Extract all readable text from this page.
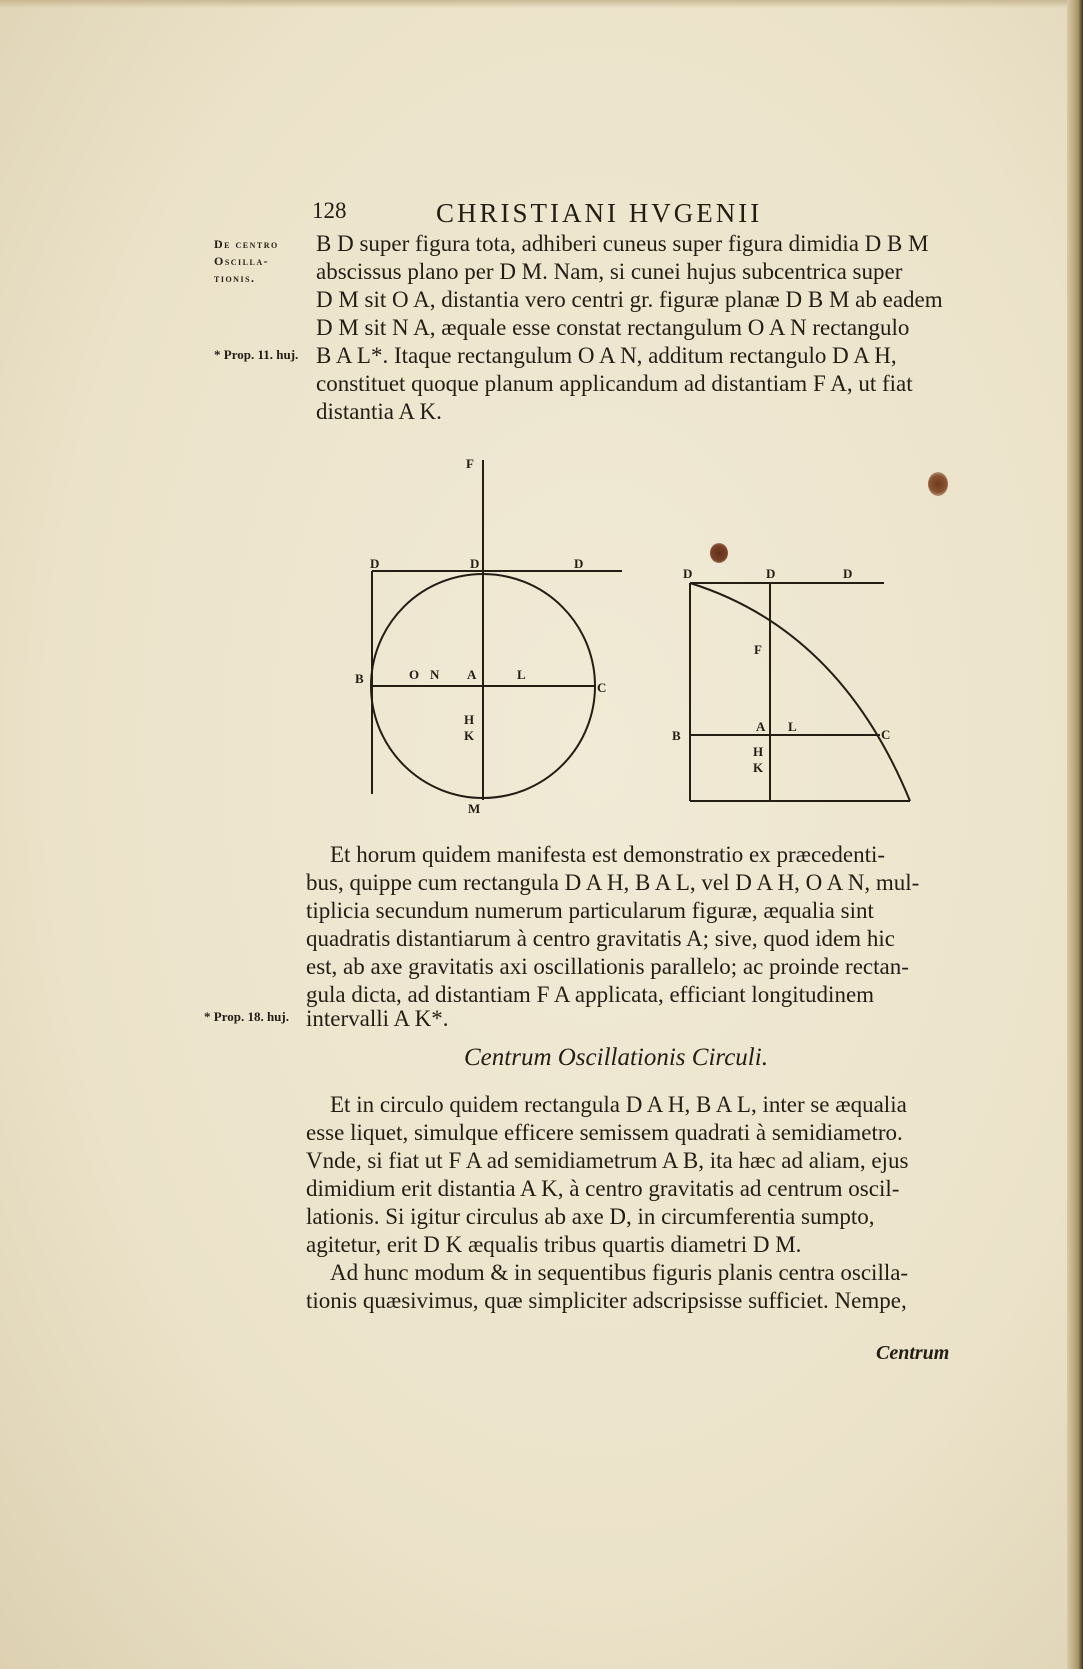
128	CHRISTIANI HVGENII
De centro
Oscilla-
tionis.
* Prop. 11. huj.
* Prop. 18. huj.
B D super figura tota, adhiberi cuneus super figura dimidia D B M
abscissus plano per D M. Nam, si cunei hujus subcentrica super
D M sit O A, distantia vero centri gr. figuræ planæ D B M ab eadem
D M sit N A, æquale esse constat rectangulum O A N rectangulo
B A L*. Itaque rectangulum O A N, additum rectangulo D A H,
constituet quoque planum applicandum ad distantiam F A, ut fiat
distantia A K.
F
D	D	D
B	O N A	L
C
H
K
M
D	D	D
F
A L
B	C
H
K
Et horum quidem manifesta est demonstratio ex præcedenti-
bus, quippe cum rectangula D A H, B A L, vel D A H, O A N, mul-
tiplicia secundum numerum particularum figuræ, æqualia sint
quadratis distantiarum à centro gravitatis A; sive, quod idem hic
est, ab axe gravitatis axi oscillationis parallelo; ac proinde rectan-
gula dicta, ad distantiam F A applicata, efficiant longitudinem
intervalli A K*.
Centrum Oscillationis Circuli.
Et in circulo quidem rectangula D A H, B A L, inter se æqualia
esse liquet, simulque efficere semissem quadrati à semidiametro.
Vnde, si fiat ut F A ad semidiametrum A B, ita hæc ad aliam, ejus
dimidium erit distantia A K, à centro gravitatis ad centrum oscil-
lationis. Si igitur circulus ab axe D, in circumferentia sumpto,
agitetur, erit D K æqualis tribus quartis diametri D M.
Ad hunc modum & in sequentibus figuris planis centra oscilla-
tionis quæsivimus, quæ simpliciter adscripsisse sufficiet. Nempe,
Centrum
